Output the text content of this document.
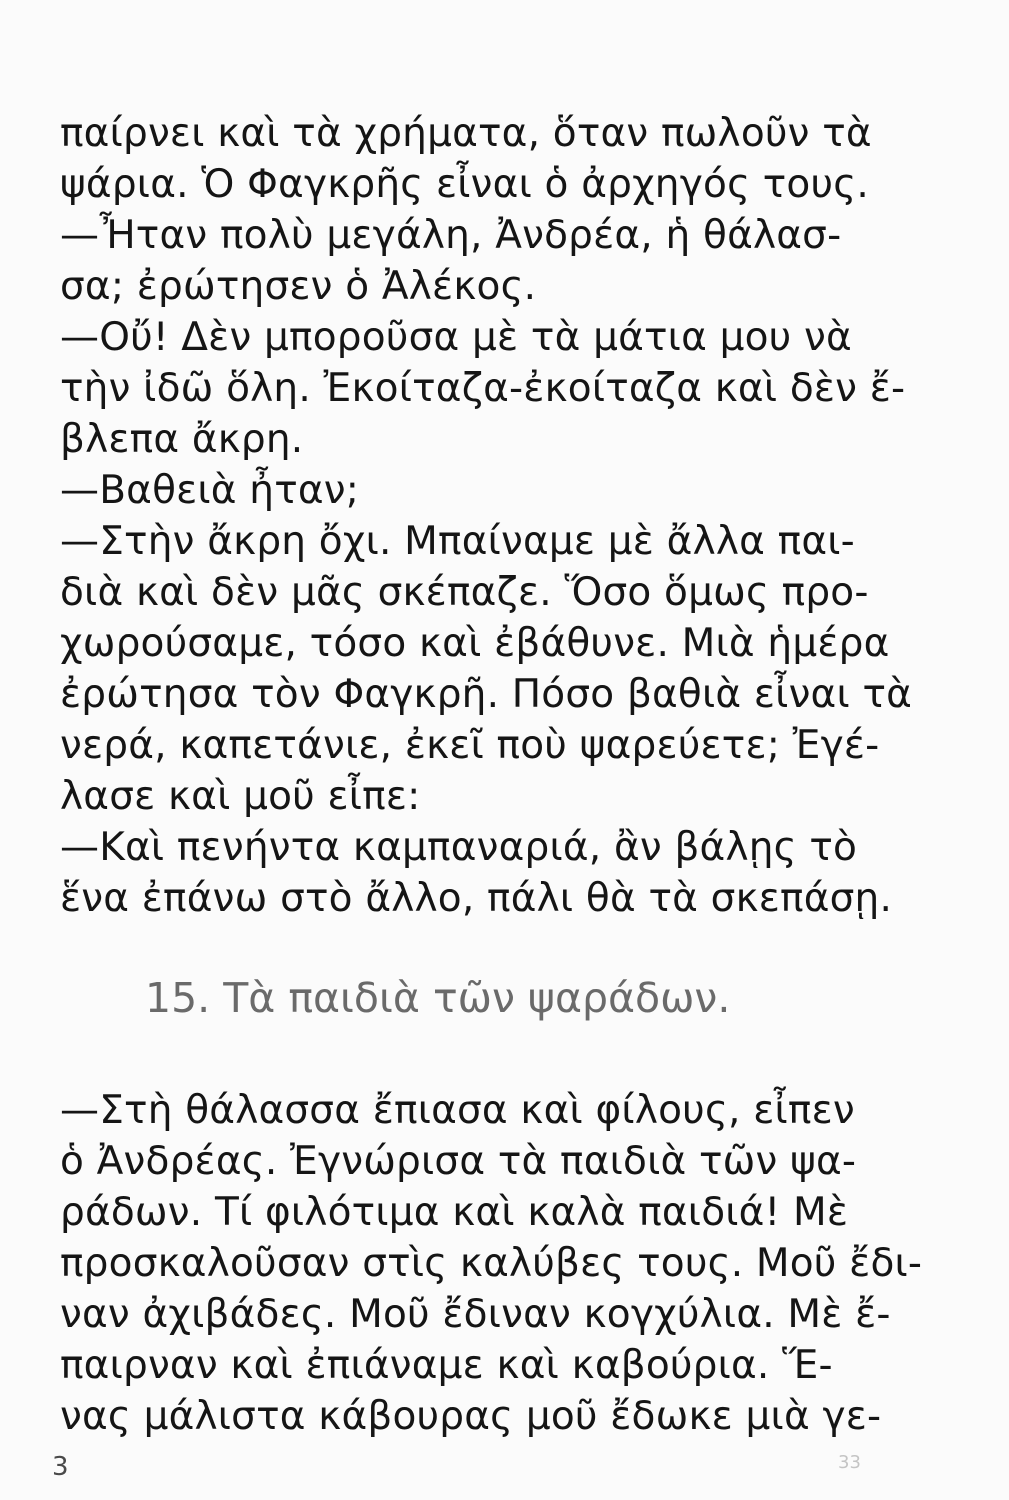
παίρνει καὶ τὰ χρήματα, ὅταν πωλοῦν τὰ
ψάρια. Ὁ Φαγκρῆς εἶναι ὁ ἀρχηγός τους.
—Ἦταν πολὺ μεγάλη, Ἀνδρέα, ἡ θάλασ-
σα; ἐρώτησεν ὁ Ἀλέκος.
—Οὔ! Δὲν μποροῦσα μὲ τὰ μάτια μου νὰ
τὴν ἰδῶ ὅλη. Ἐκοίταζα-ἐκοίταζα καὶ δὲν ἔ-
βλεπα ἄκρη.
—Βαθειὰ ἦταν;
—Στὴν ἄκρη ὄχι. Μπαίναμε μὲ ἄλλα παι-
διὰ καὶ δὲν μᾶς σκέπαζε. Ὅσο ὅμως προ-
χωρούσαμε, τόσο καὶ ἐβάθυνε. Μιὰ ἡμέρα
ἐρώτησα τὸν Φαγκρῆ. Πόσο βαθιὰ εἶναι τὰ
νερά, καπετάνιε, ἐκεῖ ποὺ ψαρεύετε; Ἐγέ-
λασε καὶ μοῦ εἶπε:
—Καὶ πενήντα καμπαναριά, ἂν βάλῃς τὸ
ἕνα ἐπάνω στὸ ἄλλο, πάλι θὰ τὰ σκεπάσῃ.
15. Τὰ παιδιὰ τῶν ψαράδων.
—Στὴ θάλασσα ἔπιασα καὶ φίλους, εἶπεν
ὁ Ἀνδρέας. Ἐγνώρισα τὰ παιδιὰ τῶν ψα-
ράδων. Τί φιλότιμα καὶ καλὰ παιδιά! Μὲ
προσκαλοῦσαν στὶς καλύβες τους. Μοῦ ἔδι-
ναν ἀχιβάδες. Μοῦ ἔδιναν κογχύλια. Μὲ ἔ-
παιρναν καὶ ἐπιάναμε καὶ καβούρια. Ἕ-
νας μάλιστα κάβουρας μοῦ ἔδωκε μιὰ γε-
3	33
